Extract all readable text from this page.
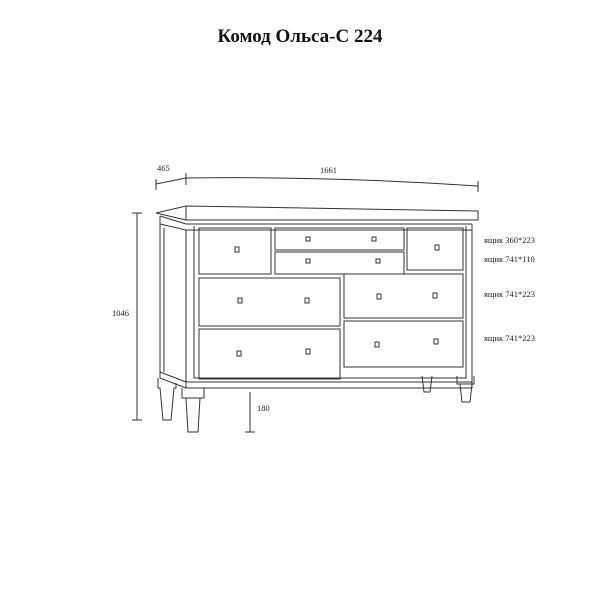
Комод Ольса-С 224
465	1661
1046
180
ящик 360*223
ящик 741*110
ящик 741*223
ящик 741*223
